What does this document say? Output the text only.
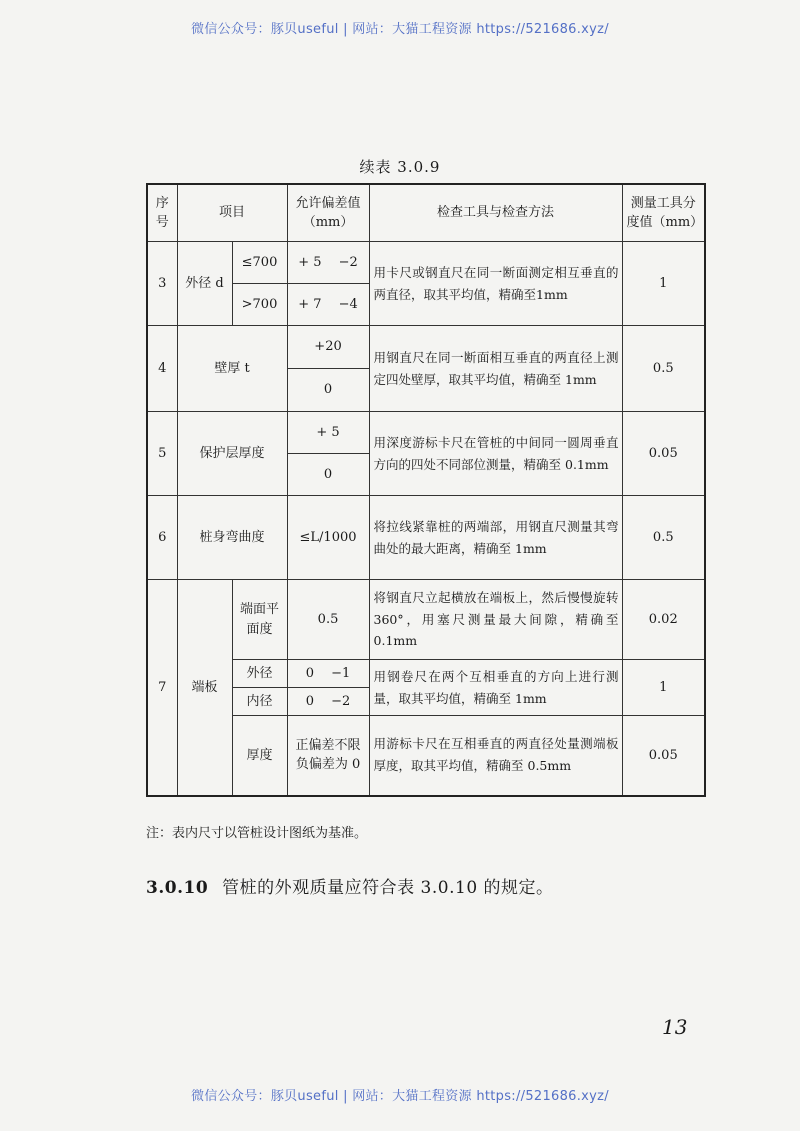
微信公众号：豚贝useful | 网站：大猫工程资源 https://521686.xyz/
续表 3.0.9
序号	项目		允许偏差值（mm）	检查工具与检查方法	测量工具分度值（mm）
3	外径 d	≤700	+ 5　 −2	用卡尺或钢直尺在同一断面测定相互垂直的两直径，取其平均值，精确至1mm	1
		>700	+ 7　 −4		
4	壁厚 t		+20	用钢直尺在同一断面相互垂直的两直径上测定四处壁厚，取其平均值，精确至 1mm	0.5
			0		
5	保护层厚度		+ 5	用深度游标卡尺在管桩的中间同一圆周垂直方向的四处不同部位测量，精确至 0.1mm	0.05
			0		
6	桩身弯曲度		≤L/1000	将拉线紧靠桩的两端部，用钢直尺测量其弯曲处的最大距离，精确至 1mm	0.5
7	端板	端面平面度	0.5	将钢直尺立起横放在端板上，然后慢慢旋转 360°，用塞尺测量最大间隙，精确至 0.1mm	0.02
		外径	0　 −1	用钢卷尺在两个互相垂直的方向上进行测量，取其平均值，精确至 1mm	1
		内径	0　 −2		
		厚度	正偏差不限负偏差为 0	用游标卡尺在互相垂直的两直径处量测端板厚度，取其平均值，精确至 0.5mm	0.05
注：表内尺寸以管桩设计图纸为基准。
3.0.10 管桩的外观质量应符合表 3.0.10 的规定。
13
微信公众号：豚贝useful | 网站：大猫工程资源 https://521686.xyz/
